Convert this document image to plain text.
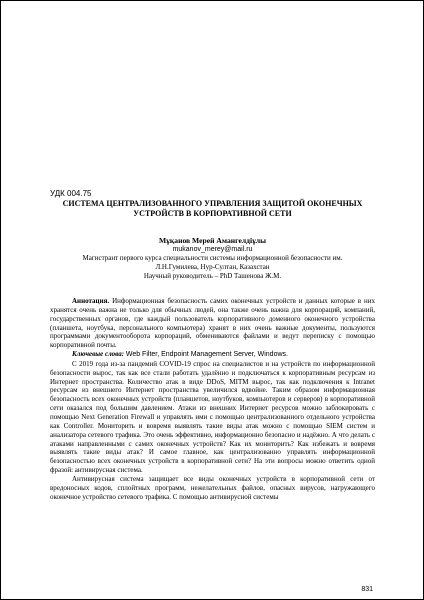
УДК 004.75
СИСТЕМА ЦЕНТРАЛИЗОВАННОГО УПРАВЛЕНИЯ ЗАЩИТОЙ ОКОНЕЧНЫХ УСТРОЙСТВ В КОРПОРАТИВНОЙ СЕТИ
Мұқанов Мерей Амангелдіұлы
mukanov_merey@mail.ru
Магистрант первого курса специальности системы информационной безопасности им.
Л.Н.Гумилева, Нур-Султан, Казахстан
Научный руководитель – PhD Ташенова Ж.М.

Аннотация. Информационная безопасность самих оконечных устройств и данных которые в них хранятся очень важна не только для обычных людей, она также очень важна для корпораций, компаний, государственных органов, где каждый пользователь корпоративного доменного оконечного устройства (планшета, ноутбука, персонального компьютера) хранят в них очень важные документы, пользуются программами документооборота корпораций, обмениваются файлами и ведут переписку с помощью корпоративной почты.

Ключевые слова: Web Filter, Endpoint Management Server, Windows.

С 2019 года из-за пандемий COVID-19 спрос на специалистов и на устройств по информационной безопасности вырос, так как все стали работать удалённо и подключаться к корпоративным ресурсам из Интернет пространства. Количество атак в виде DDoS, MITM вырос, так как подключения к Intranet ресурсам из внешнего Интернет пространства увеличился вдвойне. Таким образом информационная безопасность всех оконечных устройств (планшетов, ноутбуков, компьютеров и серверов) в корпоративной сети оказался под большим давлением. Атаки из внешних Интернет ресурсов можно заблокировать с помощью Next Generation Firewall и управлять ими с помощью централизованного отдельного устройства как Controller. Мониторить и вовремя выявлять такие виды атак можно с помощью SIEM систем и анализатора сетевого трафика. Это очень эффективно, информационно безопасно и надёжно. А что делать с атаками направленными с самих оконечных устройств? Как их мониторить? Как избежать и вовремя выявлять такие виды атак? И самое главное, как централизованно управлять информационной безопасностью всех оконечных устройств в корпоративной сети? На эти вопросы можно ответить одной фразой: антивирусная система.

Антивирусная система защищает все виды оконечных устройств в корпоративной сети от вредоносных кодов, сплойтных программ, нежелательных файлов, опасных вирусов, нагружающего оконечное устройство сетевого трафика. С помощью антивирусной системы

831
